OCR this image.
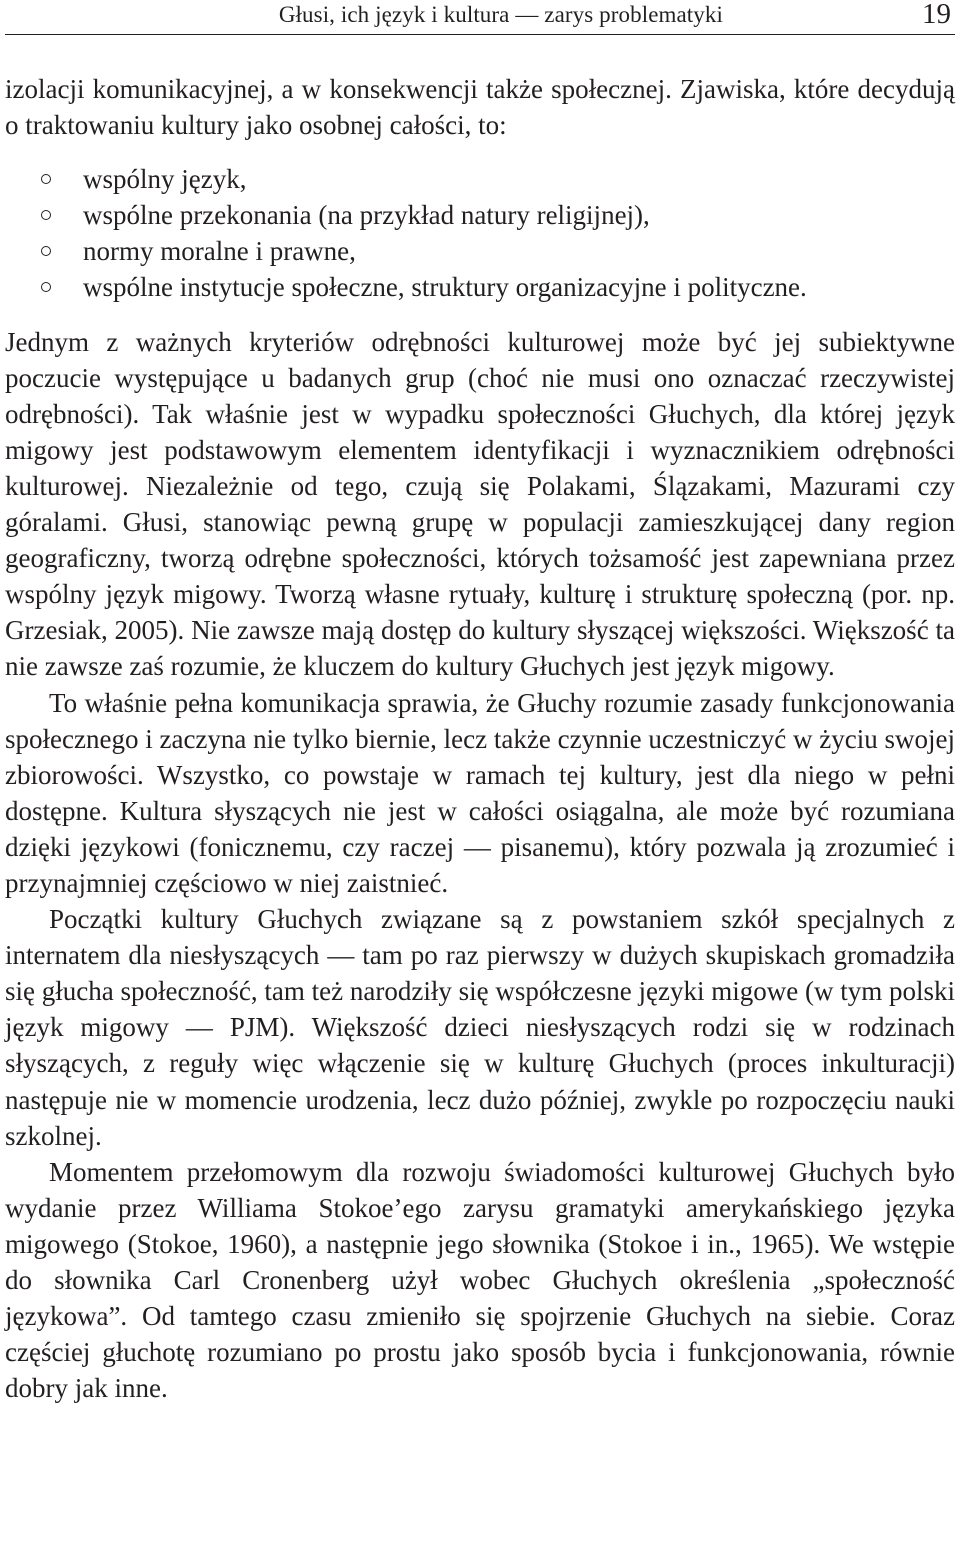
Głusi, ich język i kultura — zarys problematyki	19

izolacji komunikacyjnej, a w konsekwencji także społecznej. Zjawiska, które decydują o traktowaniu kultury jako osobnej całości, to:

wspólny język,
wspólne przekonania (na przykład natury religijnej),
normy moralne i prawne,
wspólne instytucje społeczne, struktury organizacyjne i polityczne.

Jednym z ważnych kryteriów odrębności kulturowej może być jej subiektywne poczucie występujące u badanych grup (choć nie musi ono oznaczać rzeczywistej odrębności). Tak właśnie jest w wypadku społeczności Głuchych, dla której język migowy jest podstawowym elementem identyfikacji i wyznacznikiem odrębności kulturowej. Niezależnie od tego, czują się Polakami, Ślązakami, Mazurami czy góralami. Głusi, stanowiąc pewną grupę w populacji zamieszkującej dany region geograficzny, tworzą odrębne społeczności, których tożsamość jest zapewniana przez wspólny język migowy. Tworzą własne rytuały, kulturę i strukturę społeczną (por. np. Grzesiak, 2005). Nie zawsze mają dostęp do kultury słyszącej większości. Większość ta nie zawsze zaś rozumie, że kluczem do kultury Głuchych jest język migowy.

To właśnie pełna komunikacja sprawia, że Głuchy rozumie zasady funkcjonowania społecznego i zaczyna nie tylko biernie, lecz także czynnie uczestniczyć w życiu swojej zbiorowości. Wszystko, co powstaje w ramach tej kultury, jest dla niego w pełni dostępne. Kultura słyszących nie jest w całości osiągalna, ale może być rozumiana dzięki językowi (fonicznemu, czy raczej — pisanemu), który pozwala ją zrozumieć i przynajmniej częściowo w niej zaistnieć.

Początki kultury Głuchych związane są z powstaniem szkół specjalnych z internatem dla niesłyszących — tam po raz pierwszy w dużych skupiskach gromadziła się głucha społeczność, tam też narodziły się współczesne języki migowe (w tym polski język migowy — PJM). Większość dzieci niesłyszących rodzi się w rodzinach słyszących, z reguły więc włączenie się w kulturę Głuchych (proces inkulturacji) następuje nie w momencie urodzenia, lecz dużo później, zwykle po rozpoczęciu nauki szkolnej.

Momentem przełomowym dla rozwoju świadomości kulturowej Głuchych było wydanie przez Williama Stokoe’ego zarysu gramatyki amerykańskiego języka migowego (Stokoe, 1960), a następnie jego słownika (Stokoe i in., 1965). We wstępie do słownika Carl Cronenberg użył wobec Głuchych określenia „społeczność językowa”. Od tamtego czasu zmieniło się spojrzenie Głuchych na siebie. Coraz częściej głuchotę rozumiano po prostu jako sposób bycia i funkcjonowania, równie dobry jak inne.
